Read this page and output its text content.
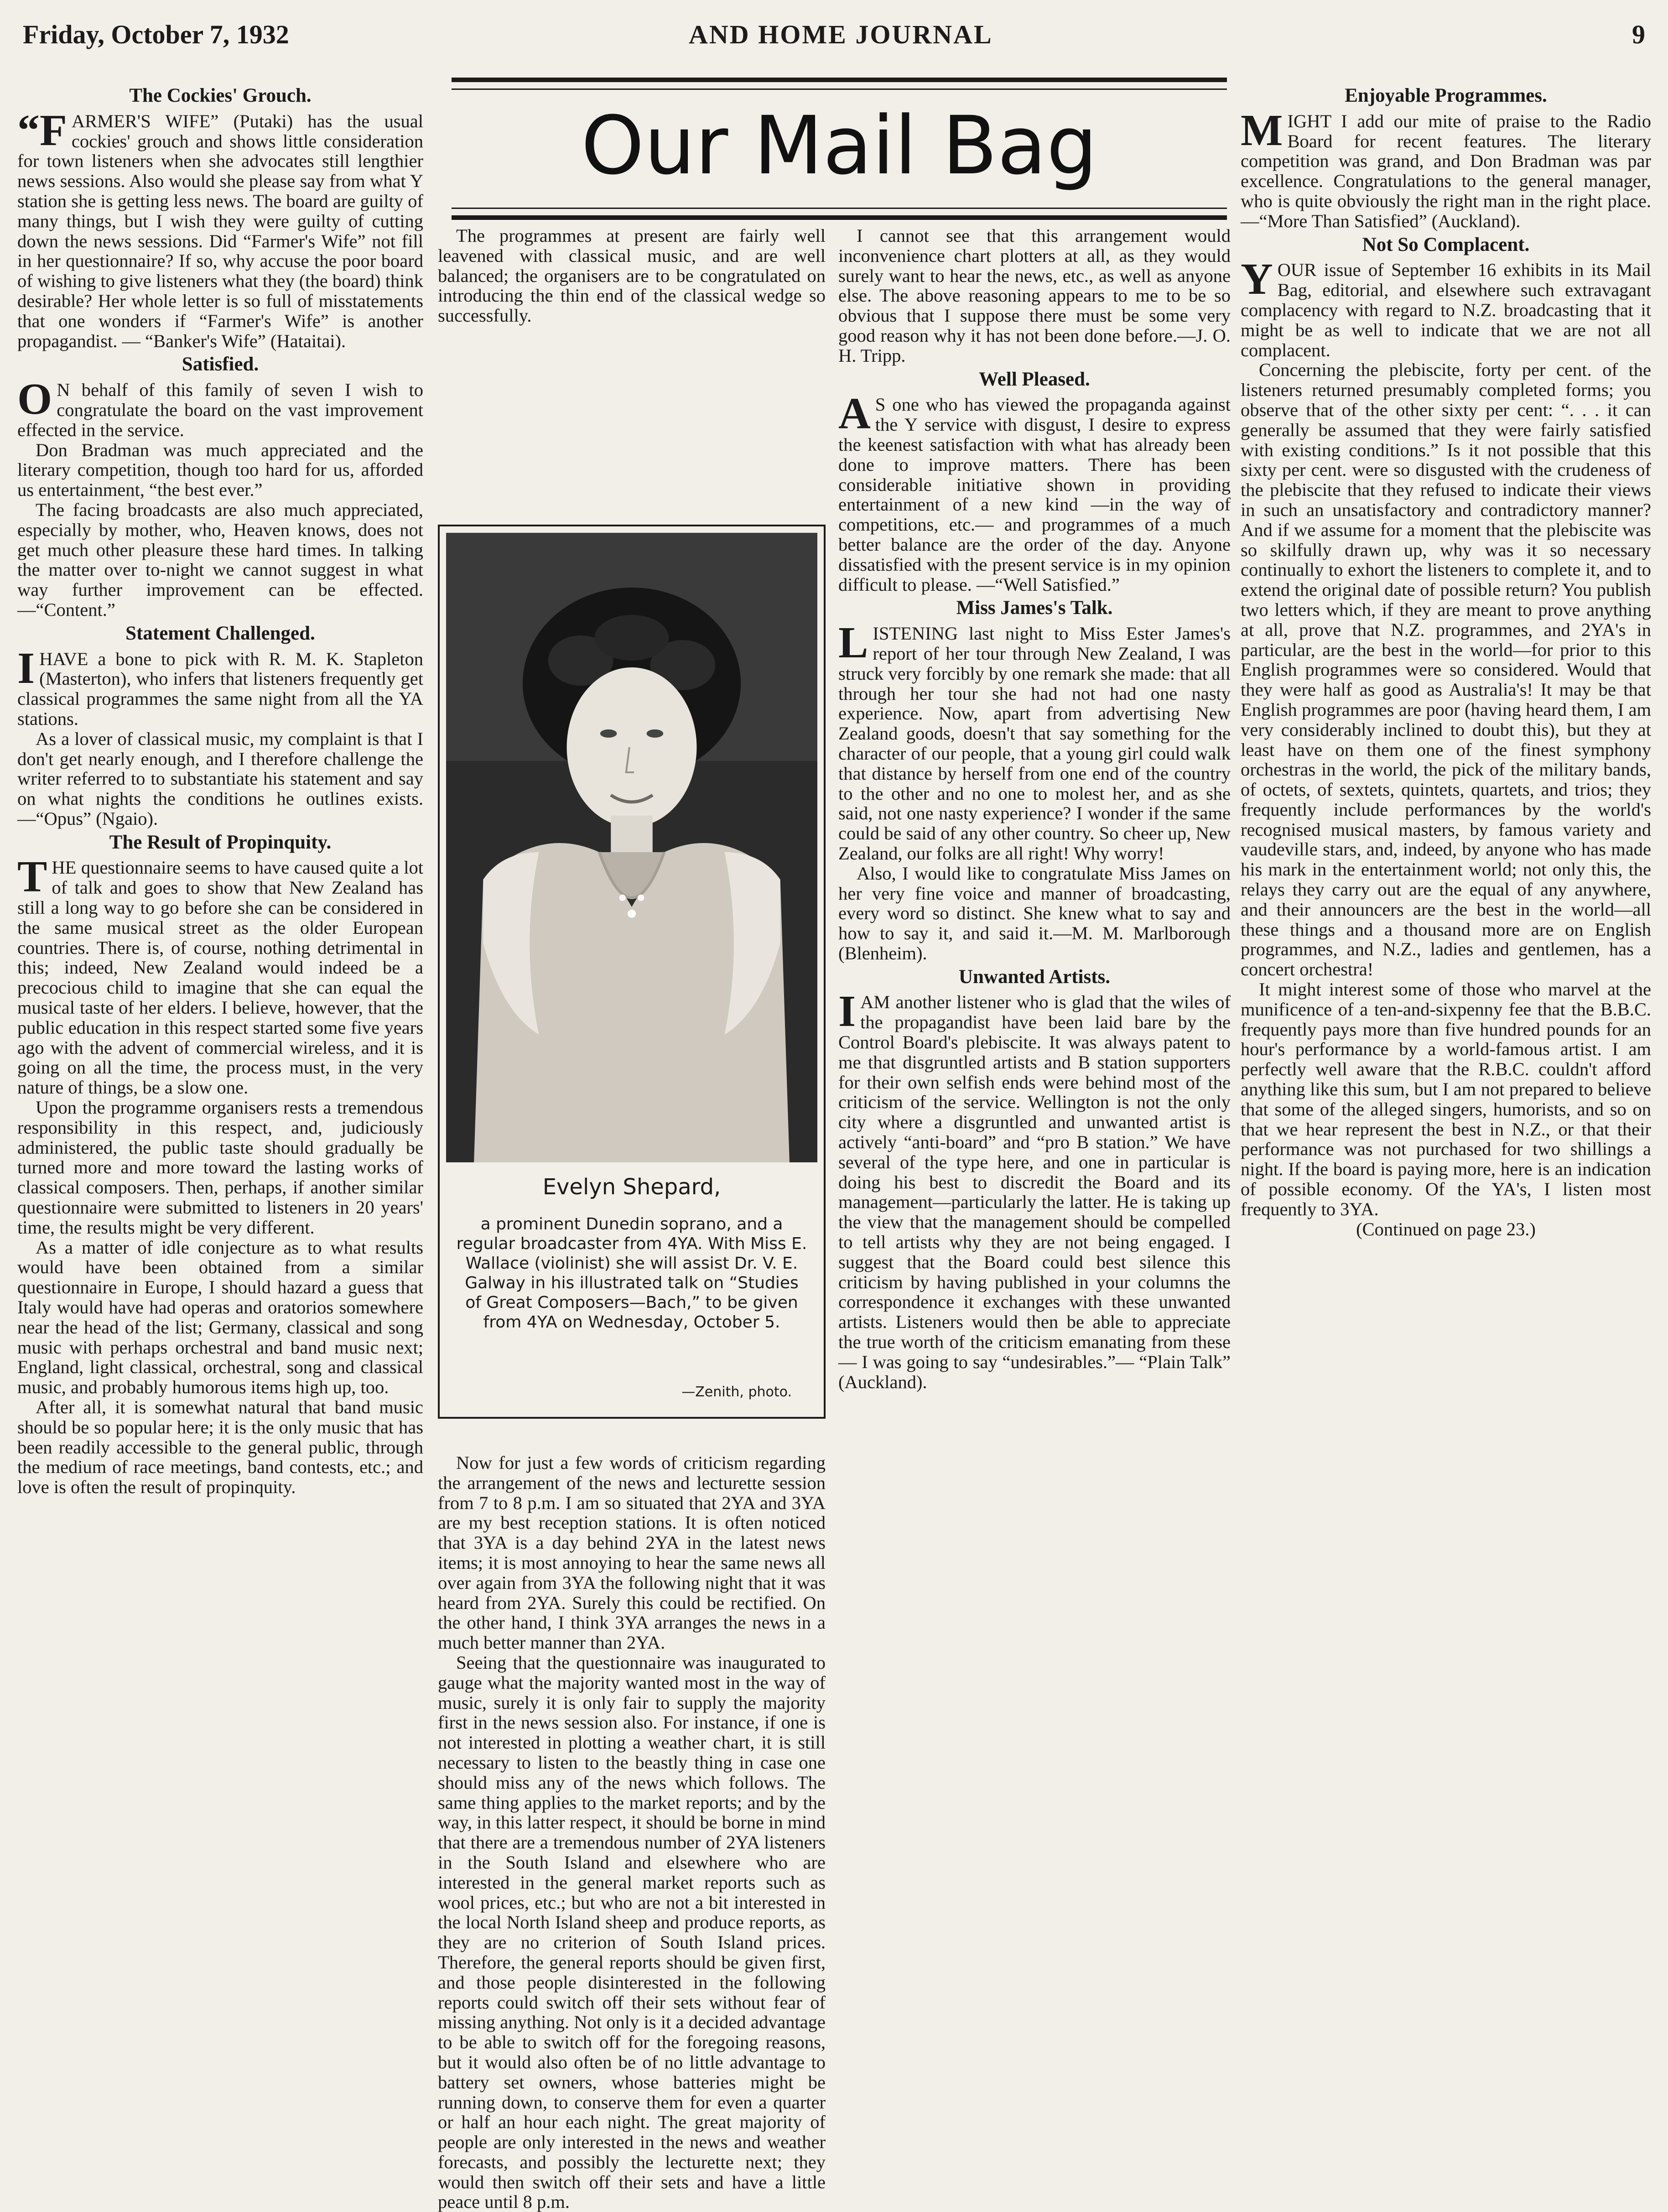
Friday, October 7, 1932	AND HOME JOURNAL	9
Our Mail Bag
The Cockies' Grouch.

“FARMER'S WIFE” (Putaki) has the usual cockies' grouch and shows little consideration for town listeners when she advocates still lengthier news sessions. Also would she please say from what Y station she is getting less news. The board are guilty of many things, but I wish they were guilty of cutting down the news sessions. Did “Farmer's Wife” not fill in her questionnaire? If so, why accuse the poor board of wishing to give listeners what they (the board) think desirable? Her whole letter is so full of misstatements that one wonders if “Farmer's Wife” is another propagandist. — “Banker's Wife” (Hataitai).

Satisfied.

O N behalf of this family of seven I wish to congratulate the board on the vast improvement effected in the service.

Don Bradman was much appreciated and the literary competition, though too hard for us, afforded us entertainment, “the best ever.”

The facing broadcasts are also much appreciated, especially by mother, who, Heaven knows, does not get much other pleasure these hard times. In talking the matter over to-night we cannot suggest in what way further improvement can be effected.—“Content.”

Statement Challenged.

IHAVE a bone to pick with R. M. K. Stapleton (Masterton), who infers that listeners frequently get classical programmes the same night from all the YA stations.

As a lover of classical music, my complaint is that I don't get nearly enough, and I therefore challenge the writer referred to to substantiate his statement and say on what nights the conditions he outlines exists.—“Opus” (Ngaio).

The Result of Propinquity.

THE questionnaire seems to have caused quite a lot of talk and goes to show that New Zealand has still a long way to go before she can be considered in the same musical street as the older European countries. There is, of course, nothing detrimental in this; indeed, New Zealand would indeed be a precocious child to imagine that she can equal the musical taste of her elders. I believe, however, that the public education in this respect started some five years ago with the advent of commercial wireless, and it is going on all the time, the process must, in the very nature of things, be a slow one.

Upon the programme organisers rests a tremendous responsibility in this respect, and, judiciously administered, the public taste should gradually be turned more and more toward the lasting works of classical composers. Then, perhaps, if another similar questionnaire were submitted to listeners in 20 years' time, the results might be very different.

As a matter of idle conjecture as to what results would have been obtained from a similar questionnaire in Europe, I should hazard a guess that Italy would have had operas and oratorios somewhere near the head of the list; Germany, classical and song music with perhaps orchestral and band music next; England, light classical, orchestral, song and classical music, and probably humorous items high up, too.

After all, it is somewhat natural that band music should be so popular here; it is the only music that has been readily accessible to the general public, through the medium of race meetings, band contests, etc.; and love is often the result of propinquity.

The programmes at present are fairly well leavened with classical music, and are well balanced; the organisers are to be congratulated on introducing the thin end of the classical wedge so successfully.

Evelyn Shepard,
a prominent Dunedin soprano, and a regular broadcaster from 4YA. With Miss E. Wallace (violinist) she will assist Dr. V. E. Galway in his illustrated talk on “Studies of Great Composers—Bach,” to be given from 4YA on Wednesday, October 5.
—Zenith, photo.

Now for just a few words of criticism regarding the arrangement of the news and lecturette session from 7 to 8 p.m. I am so situated that 2YA and 3YA are my best reception stations. It is often noticed that 3YA is a day behind 2YA in the latest news items; it is most annoying to hear the same news all over again from 3YA the following night that it was heard from 2YA. Surely this could be rectified. On the other hand, I think 3YA arranges the news in a much better manner than 2YA.

Seeing that the questionnaire was inaugurated to gauge what the majority wanted most in the way of music, surely it is only fair to supply the majority first in the news session also. For instance, if one is not interested in plotting a weather chart, it is still necessary to listen to the beastly thing in case one should miss any of the news which follows. The same thing applies to the market reports; and by the way, in this latter respect, it should be borne in mind that there are a tremendous number of 2YA listeners in the South Island and elsewhere who are interested in the general market reports such as wool prices, etc.; but who are not a bit interested in the local North Island sheep and produce reports, as they are no criterion of South Island prices. Therefore, the general reports should be given first, and those people disinterested in the following reports could switch off their sets without fear of missing anything. Not only is it a decided advantage to be able to switch off for the foregoing reasons, but it would also often be of no little advantage to battery set owners, whose batteries might be running down, to conserve them for even a quarter or half an hour each night. The great majority of people are only interested in the news and weather forecasts, and possibly the lecturette next; they would then switch off their sets and have a little peace until 8 p.m.

I cannot see that this arrangement would inconvenience chart plotters at all, as they would surely want to hear the news, etc., as well as anyone else. The above reasoning appears to me to be so obvious that I suppose there must be some very good reason why it has not been done before.—J. O. H. Tripp.

Well Pleased.

A S one who has viewed the propaganda against the Y service with disgust, I desire to express the keenest satisfaction with what has already been done to improve matters. There has been considerable initiative shown in providing entertainment of a new kind —in the way of competitions, etc.— and programmes of a much better balance are the order of the day. Anyone dissatisfied with the present service is in my opinion difficult to please. —“Well Satisfied.”

Miss James's Talk.

LISTENING last night to Miss Ester James's report of her tour through New Zealand, I was struck very forcibly by one remark she made: that all through her tour she had not had one nasty experience. Now, apart from advertising New Zealand goods, doesn't that say something for the character of our people, that a young girl could walk that distance by herself from one end of the country to the other and no one to molest her, and as she said, not one nasty experience? I wonder if the same could be said of any other country. So cheer up, New Zealand, our folks are all right! Why worry!

Also, I would like to congratulate Miss James on her very fine voice and manner of broadcasting, every word so distinct. She knew what to say and how to say it, and said it.—M. M. Marlborough (Blenheim).

Unwanted Artists.

IAM another listener who is glad that the wiles of the propagandist have been laid bare by the Control Board's plebiscite. It was always patent to me that disgruntled artists and B station supporters for their own selfish ends were behind most of the criticism of the service. Wellington is not the only city where a disgruntled and unwanted artist is actively “anti-board” and “pro B station.” We have several of the type here, and one in particular is doing his best to discredit the Board and its management—particularly the latter. He is taking up the view that the management should be compelled to tell artists why they are not being engaged. I suggest that the Board could best silence this criticism by having published in your columns the correspondence it exchanges with these unwanted artists. Listeners would then be able to appreciate the true worth of the criticism emanating from these— I was going to say “undesirables.”— “Plain Talk” (Auckland).

Enjoyable Programmes.

MIGHT I add our mite of praise to the Radio Board for recent features. The literary competition was grand, and Don Bradman was par excellence. Congratulations to the general manager, who is quite obviously the right man in the right place.—“More Than Satisfied” (Auckland).

Not So Complacent.

YOUR issue of September 16 exhibits in its Mail Bag, editorial, and elsewhere such extravagant complacency with regard to N.Z. broadcasting that it might be as well to indicate that we are not all complacent.

Concerning the plebiscite, forty per cent. of the listeners returned presumably completed forms; you observe that of the other sixty per cent: “. . . it can generally be assumed that they were fairly satisfied with existing conditions.” Is it not possible that this sixty per cent. were so disgusted with the crudeness of the plebiscite that they refused to indicate their views in such an unsatisfactory and contradictory manner? And if we assume for a moment that the plebiscite was so skilfully drawn up, why was it so necessary continually to exhort the listeners to complete it, and to extend the original date of possible return? You publish two letters which, if they are meant to prove anything at all, prove that N.Z. programmes, and 2YA's in particular, are the best in the world—for prior to this English programmes were so considered. Would that they were half as good as Australia's! It may be that English programmes are poor (having heard them, I am very considerably inclined to doubt this), but they at least have on them one of the finest symphony orchestras in the world, the pick of the military bands, of octets, of sextets, quintets, quartets, and trios; they frequently include performances by the world's recognised musical masters, by famous variety and vaudeville stars, and, indeed, by anyone who has made his mark in the entertainment world; not only this, the relays they carry out are the equal of any anywhere, and their announcers are the best in the world—all these things and a thousand more are on English programmes, and N.Z., ladies and gentlemen, has a concert orchestra!

It might interest some of those who marvel at the munificence of a ten-and-sixpenny fee that the B.B.C. frequently pays more than five hundred pounds for an hour's performance by a world-famous artist. I am perfectly well aware that the R.B.C. couldn't afford anything like this sum, but I am not prepared to believe that some of the alleged singers, humorists, and so on that we hear represent the best in N.Z., or that their performance was not purchased for two shillings a night. If the board is paying more, here is an indication of possible economy. Of the YA's, I listen most frequently to 3YA.

(Continued on page 23.)
